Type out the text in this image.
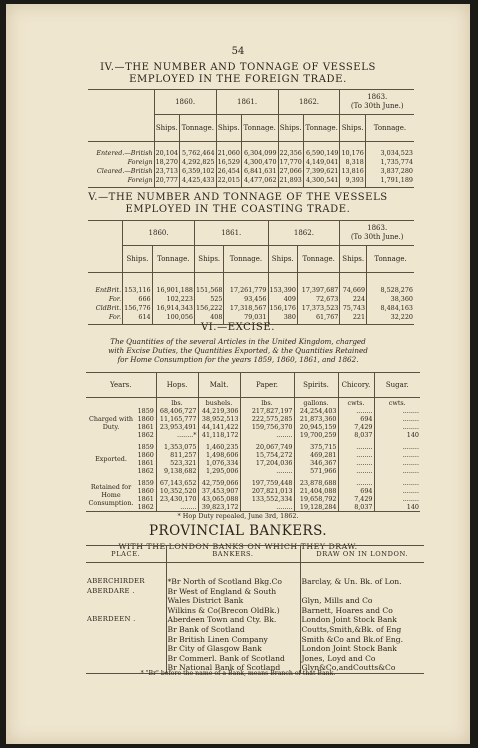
54
IV.—THE NUMBER AND TONNAGE OF VESSELS
EMPLOYED IN THE FOREIGN TRADE.
	1860.		1861.		1862.		1863.
(To 30th June.)	

	Ships.	Tonnage.	Ships.	Tonnage.	Ships.	Tonnage.	Ships.	Tonnage.

Entered.—British	20,104	5,762,464	21,060	6,304,099	22,356	6,590,149	10,176	3,034,523
Foreign	18,270	4,292,825	16,529	4,300,470	17,770	4,149,041	8,318	1,735,774
Cleared.—British	23,713	6,359,102	26,454	6,841,631	27,066	7,399,621	13,816	3,837,280
Foreign	20,777	4,425,433	22,015	4,477,062	21,893	4,300,541	9,393	1,791,189

V.—THE NUMBER AND TONNAGE OF THE VESSELS
EMPLOYED IN THE COASTING TRADE.
	1860.		1861.		1862.		1863.
(To 30th June.)	

	Ships.	Tonnage.	Ships.	Tonnage.	Ships.	Tonnage.	Ships.	Tonnage.

EntBrit.	153,116	16,901,188	151,568	17,261,779	153,390	17,397,687	74,669	8,528,276
For.	666	102,223	525	93,456	409	72,673	224	38,360
CldBrit.	156,776	16,914,343	156,222	17,318,567	156,176	17,373,523	75,743	8,484,163
For.	614	100,056	408	79,031	380	61,767	221	32,220

VI.—EXCISE.
The Quantities of the several Articles in the United Kingdom, charged
with Excise Duties, the Quantities Exported, & the Quantities Retained
for Home Consumption for the years 1859, 1860, 1861, and 1862.
Years.		Hops.	Malt.	Paper.	Spirits.	Chicory.	Sugar.
		lbs.	bushels.	lbs.	gallons.	cwts.	cwts.

Charged with
Duty.	1859	68,406,727	44,219,306	217,827,197	24,254,403	........	........
	1860	11,165,777	38,952,513	222,575,285	21,873,360	694	........
	1861	23,953,491	44,141,422	159,756,370	20,945,159	7,429	........
	1862	........*	41,118,172	........	19,700,259	8,037	140

Exported.	1859	1,353,075	1,460,235	20,067,749	375,715	........	........
	1860	811,257	1,498,606	15,754,272	469,281	........	........
	1861	523,321	1,076,334	17,204,036	346,367	........	........
	1862	9,138,682	1,295,006	........	571,966	........	........

Retained for
Home
Consumption.	1859	67,143,652	42,759,066	197,759,448	23,878,688	........	........
	1860	10,352,520	37,453,907	207,821,013	21,404,088	694	........
	1861	23,430,170	43,065,088	133,552,334	19,658,792	7,429	........
	1862	........	39,823,172	........	19,128,284	8,037	140
* Hop Duty repealed, June 3rd, 1862.
PROVINCIAL BANKERS.
WITH THE LONDON BANKS ON WHICH THEY DRAW.
PLACE.	BANKERS.	DRAW ON IN LONDON.

ABERCHIRDER	*Br North of Scotland Bkg.Co	Barclay, & Un. Bk. of Lon.
ABERDARE .	Br West of England & South	
	Wales District Bank	Glyn, Mills and Co
	Wilkins & Co(Brecon OldBk.)	Barnett, Hoares and Co
ABERDEEN .	Aberdeen Town and Cty. Bk.	London Joint Stock Bank
	Br Bank of Scotland	Coutts,Smith,&Bk. of Eng
	Br British Linen Company	Smith &Co and Bk.of Eng.
	Br City of Glasgow Bank	London Joint Stock Bank
	Br Commerl. Bank of Scotland	Jones, Loyd and Co
	Br National Bank of Scotland	Glyn&Co,andCoutts&Co
* "Br" before the name of a Bank, means Branch of that Bank.
